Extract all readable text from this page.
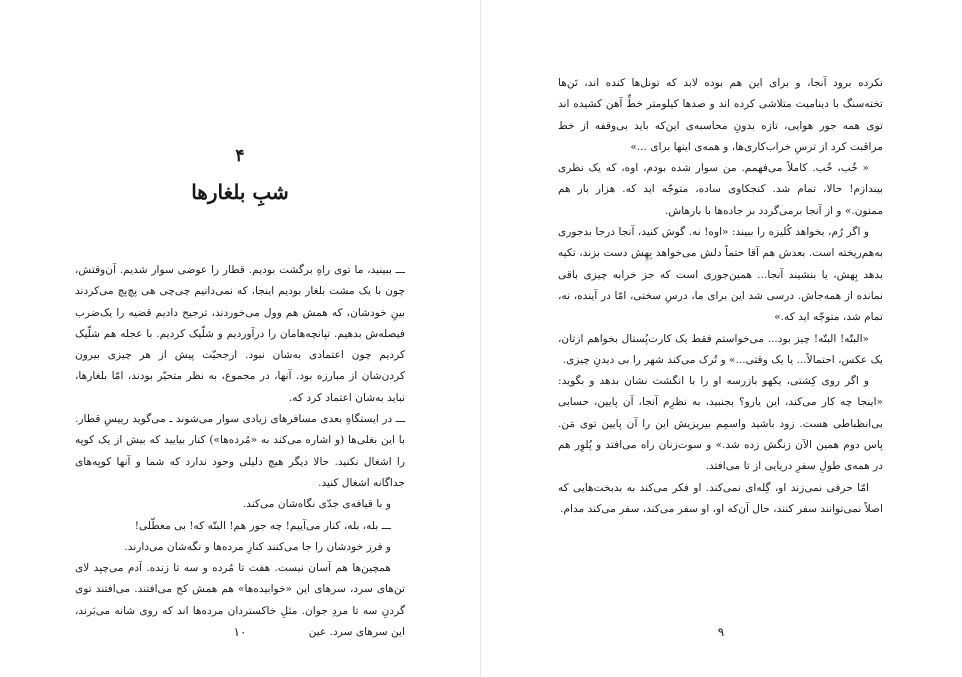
۴
شبِ بلغارها

ـــ ببینید، ما توی راهِ برگشت بودیم. قطار را عوضی سوار شدیم. آن‌وقتش، چون با یک مشت بلغار بودیم اینجا، که نمی‌دانیم چی‌چی هی پچ‌پچ می‌کردند بینِ خودشان، که همش هم وول می‌خوردند، ترجیح دادیم قضیه را یک‌ضرب فیصله‌ش بدهیم. تپانچه‌هامان را درآوردیم و شلّیک کردیم. با عجله هم شلّیک کردیم چون اعتمادی به‌شان نبود. ارجحیّت پیش از هر چیزی بیرون کردن‌شان از مبارزه بود. آنها، در مجموع، به نظر متحیّر بودند، امّا بلغارها، نباید به‌شان اعتماد کرد که.

ـــ در ایستگاهِ بعدی مسافرهای زیادی سوار می‌شوند ـ می‌گوید رییسِ قطار. با این بغلی‌ها (و اشاره می‌کند به «مُرده‌ها») کنار بیایید که بیش از یک کوپه را اشغال نکنید. حالا دیگر هیچ دلیلی وجود ندارد که شما و آنها کوپه‌های جداگانه اشغال کنید.

و با قیافه‌ی جدّی نگاه‌شان می‌کند.

ـــ بله، بله، کنار می‌آییم! چه جور هم! البتّه که! بی معطّلی!

و فرز خودشان را جا می‌کنند کنارِ مرده‌ها و نگه‌شان می‌دارند.

همچین‌ها هم آسان نیست. هفت تا مُرده و سه تا زنده. آدم می‌چپد لای تن‌های سرد، سرهای این «خوابیده‌ها» هم همش کج می‌افتند. می‌افتند توی گردنِ سه تا مردِ جوان. مثلِ خاکستردان مرده‌ها اند که روی شانه می‌بَرند، این سرهای سرد. عین

۱۰

نکرده برود آنجا، و برای این هم بوده لابد که تونل‌ها کنده اند، تَن‌ها تخته‌سنگ با دینامیت متلاشی کرده اند و صدها کیلومتر خطِّ آهن کشیده اند توی همه جور هوایی، تازه بدونِ محاسبه‌ی این‌که باید بی‌وقفه از خط مراقبت کرد از ترسِ خراب‌کاری‌ها، و همه‌ی اینها برای ...»

« خُب، خُب. کاملاً می‌فهمم. من سوار شده بودم، اوه، که یک نظری بیندازم! حالا، تمام شد. کنجکاوی ساده، متوجّه اید که. هزار بار هم ممنون.» و از آنجا برمی‌گردد بر جاده‌ها با بارهاش.

و اگر رُم، بخواهد کُلیزه را ببیند: «اوه! نه. گوش کنید، آنجا درجا بدجوری به‌هم‌ریخته است. بعدش هم آقا حتماً دلش می‌خواهد بِهِش دست بزند، تکیه بدهد بِهش، یا بنشیند آنجا... همین‌جوری است که جز خرابه چیزی باقی نمانده از همه‌جاش. درسی شد این برای ما، درسِ سختی، امّا در آینده، نه، تمام شد، متوجّه اید که.»

«البتّه! البتّه! چیز بود... می‌خواستم فقط یک کارت‌پُستال بخواهم ازتان، یک عکس، احتمالاً... یا یک وقتی...» و تُرک می‌کند شهر را بی دیدنِ چیزی.

و اگر روی کِشتی، یکهو بازرسه او را با انگشت نشان بدهد و بگوید: «اینجا چه کار می‌کند، این یارو؟ بجنبید، به نظرِم آنجا، آن پایین، حسابی بی‌انظباطی هست. زود باشید واسمِم بیریزیش این را آن پایین توی مَن. پاس دوم همین الآن زنگش زده شد.» و سوت‌زنان راه می‌افتد و پُلوِر هم در همه‌ی طولِ سفرِ دریایی از تا می‌افتد.

امّا حرفی نمی‌زند او، گِله‌ای نمی‌کند. او فکر می‌کند به بدبخت‌هایی که اصلاً نمی‌توانند سفر کنند، حال آن‌که او، او سفر می‌کند، سفر می‌کند مدام.

۹
